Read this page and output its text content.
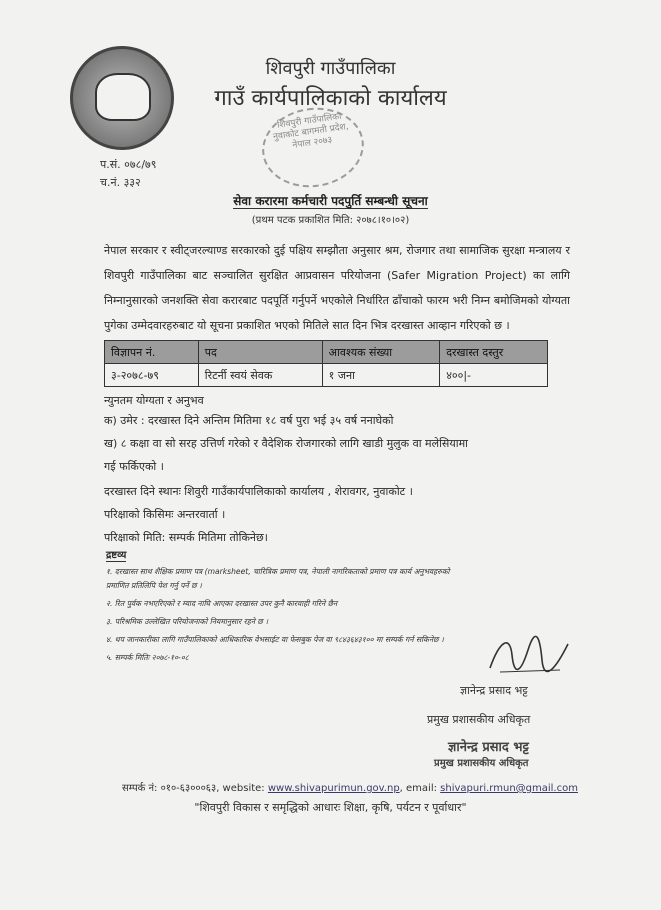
शिवपुरी गाउँपालिका
गाउँ कार्यपालिकाको कार्यालय
शिवपुरी गाउँपालिका नुवाकोट बागमती प्रदेश, नेपाल २०७३
प.सं. ०७८/७९
च.नं. ३३२
सेवा करारमा कर्मचारी पदपुर्ति सम्बन्धी सूचना
(प्रथम पटक प्रकाशित मिति: २०७८।१०।०२)
नेपाल सरकार र स्वीट्जरल्याण्ड सरकारको दुई पक्षिय सम्झौता अनुसार श्रम, रोजगार तथा सामाजिक सुरक्षा मन्त्रालय र शिवपुरी गाउँपालिका बाट सञ्चालित सुरक्षित आप्रवासन परियोजना (Safer Migration Project) का लागि निम्नानुसारको जनशक्ति सेवा करारबाट पदपूर्ति गर्नुपर्ने भएकोले निर्धारित ढाँचाको फारम भरी निम्न बमोजिमको योग्यता पुगेका उम्मेदवारहरुबाट यो सूचना प्रकाशित भएको मितिले सात दिन भित्र दरखास्त आव्हान गरिएको छ ।
विज्ञापन नं.	पद	आवश्यक संख्या	दरखास्त दस्तुर
३-२०७८-७९	रिटर्नी स्वयं सेवक	१ जना	४००|-
न्युनतम योग्यता र अनुभव
क) उमेर : दरखास्त दिने अन्तिम मितिमा १८ वर्ष पुरा भई ३५ वर्ष ननाघेको
ख) ८ कक्षा वा सो सरह उत्तिर्ण गरेको र वैदेशिक रोजगारको लागि खाडी मुलुक वा मलेसियामा
गई फर्किएको ।
दरखास्त दिने स्थानः शिवुरी गाउँकार्यपालिकाको कार्यालय , शेरावगर, नुवाकोट ।
परिक्षाको किसिमः अन्तरवार्ता ।
परिक्षाको मिति: सम्पर्क मितिमा तोकिनेछ।
द्रष्टव्य
१. दरखास्त साथ शैक्षिक प्रमाण पत्र (marksheet, चारित्रिक प्रमाण पत्र, नेपाली नागरिकताको प्रमाण पत्र कार्य अनुभवहरुको
प्रमाणित प्रतिलिपि पेश गर्नु पर्ने छ ।
२. रित पुर्वक नभएरिएको र म्याद नाघि आएका दरखास्त उपर कुनै कारवाही गरिने छैन
३. परिश्रमिक उल्लेखित परियोजनाको नियमानुसार रहने छ ।
४. थप जानकारीका लागि गाउँपालिकाको आधिकारिक वेभसाईट वा फेसबुक पेज वा ९८४३६४३१०० मा सम्पर्क गर्न सकिनेछ ।
५. सम्पर्क मितिः २०७८-१०-०८
ज्ञानेन्द्र प्रसाद भट्ट
प्रमुख प्रशासकीय अधिकृत
ज्ञानेन्द्र प्रसाद भट्ट
प्रमुख प्रशासकीय अधिकृत
सम्पर्क नं: ०१०-६३०००६३, website: www.shivapurimun.gov.np, email: shivapuri.rmun@gmail.com
"शिवपुरी विकास र समृद्धिको आधारः शिक्षा, कृषि, पर्यटन र पूर्वाधार"
